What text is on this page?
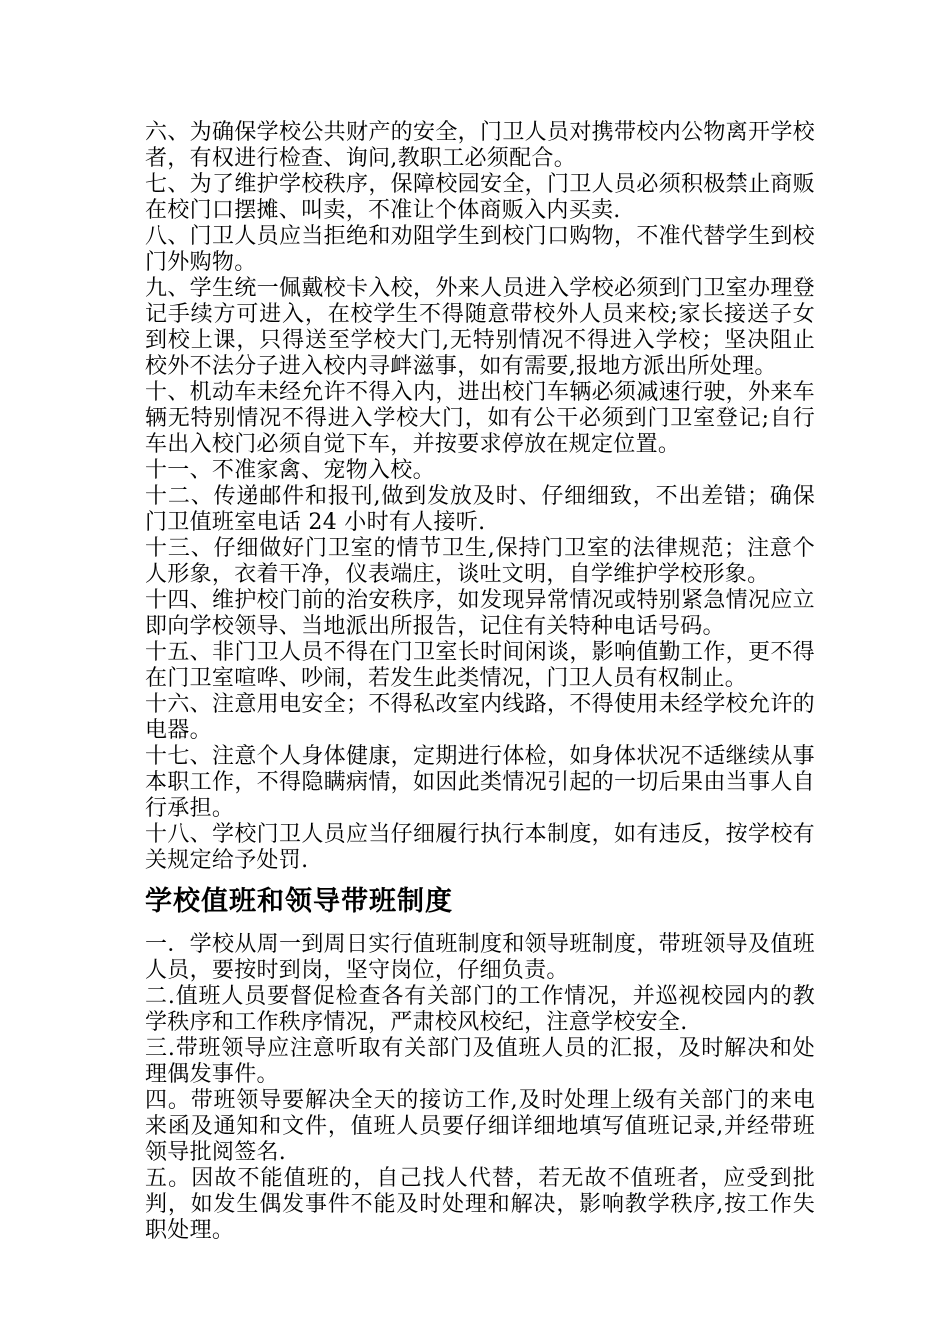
六、为确保学校公共财产的安全，门卫人员对携带校内公物离开学校者，有权进行检查、询问,教职工必须配合。

七、为了维护学校秩序，保障校园安全，门卫人员必须积极禁止商贩在校门口摆摊、叫卖，不准让个体商贩入内买卖.

八、门卫人员应当拒绝和劝阻学生到校门口购物，不准代替学生到校门外购物。

九、学生统一佩戴校卡入校，外来人员进入学校必须到门卫室办理登记手续方可进入，在校学生不得随意带校外人员来校;家长接送子女到校上课，只得送至学校大门,无特别情况不得进入学校；坚决阻止校外不法分子进入校内寻衅滋事，如有需要,报地方派出所处理。

十、机动车未经允许不得入内，进出校门车辆必须减速行驶，外来车辆无特别情况不得进入学校大门，如有公干必须到门卫室登记;自行车出入校门必须自觉下车，并按要求停放在规定位置。

十一、不准家禽、宠物入校。

十二、传递邮件和报刊,做到发放及时、仔细细致，不出差错；确保门卫值班室电话 24 小时有人接听.

十三、仔细做好门卫室的情节卫生,保持门卫室的法律规范；注意个人形象，衣着干净，仪表端庄，谈吐文明，自学维护学校形象。

十四、维护校门前的治安秩序，如发现异常情况或特别紧急情况应立即向学校领导、当地派出所报告，记住有关特种电话号码。

十五、非门卫人员不得在门卫室长时间闲谈，影响值勤工作，更不得在门卫室喧哗、吵闹，若发生此类情况，门卫人员有权制止。

十六、注意用电安全；不得私改室内线路，不得使用未经学校允许的电器。

十七、注意个人身体健康，定期进行体检，如身体状况不适继续从事本职工作，不得隐瞒病情，如因此类情况引起的一切后果由当事人自行承担。

十八、学校门卫人员应当仔细履行执行本制度，如有违反，按学校有关规定给予处罚.

学校值班和领导带班制度

一．学校从周一到周日实行值班制度和领导班制度，带班领导及值班人员，要按时到岗，坚守岗位，仔细负责。

二.值班人员要督促检查各有关部门的工作情况，并巡视校园内的教学秩序和工作秩序情况，严肃校风校纪，注意学校安全.

三.带班领导应注意听取有关部门及值班人员的汇报，及时解决和处理偶发事件。

四。带班领导要解决全天的接访工作,及时处理上级有关部门的来电来函及通知和文件，值班人员要仔细详细地填写值班记录,并经带班领导批阅签名.

五。因故不能值班的，自己找人代替，若无故不值班者，应受到批判，如发生偶发事件不能及时处理和解决，影响教学秩序,按工作失职处理。
